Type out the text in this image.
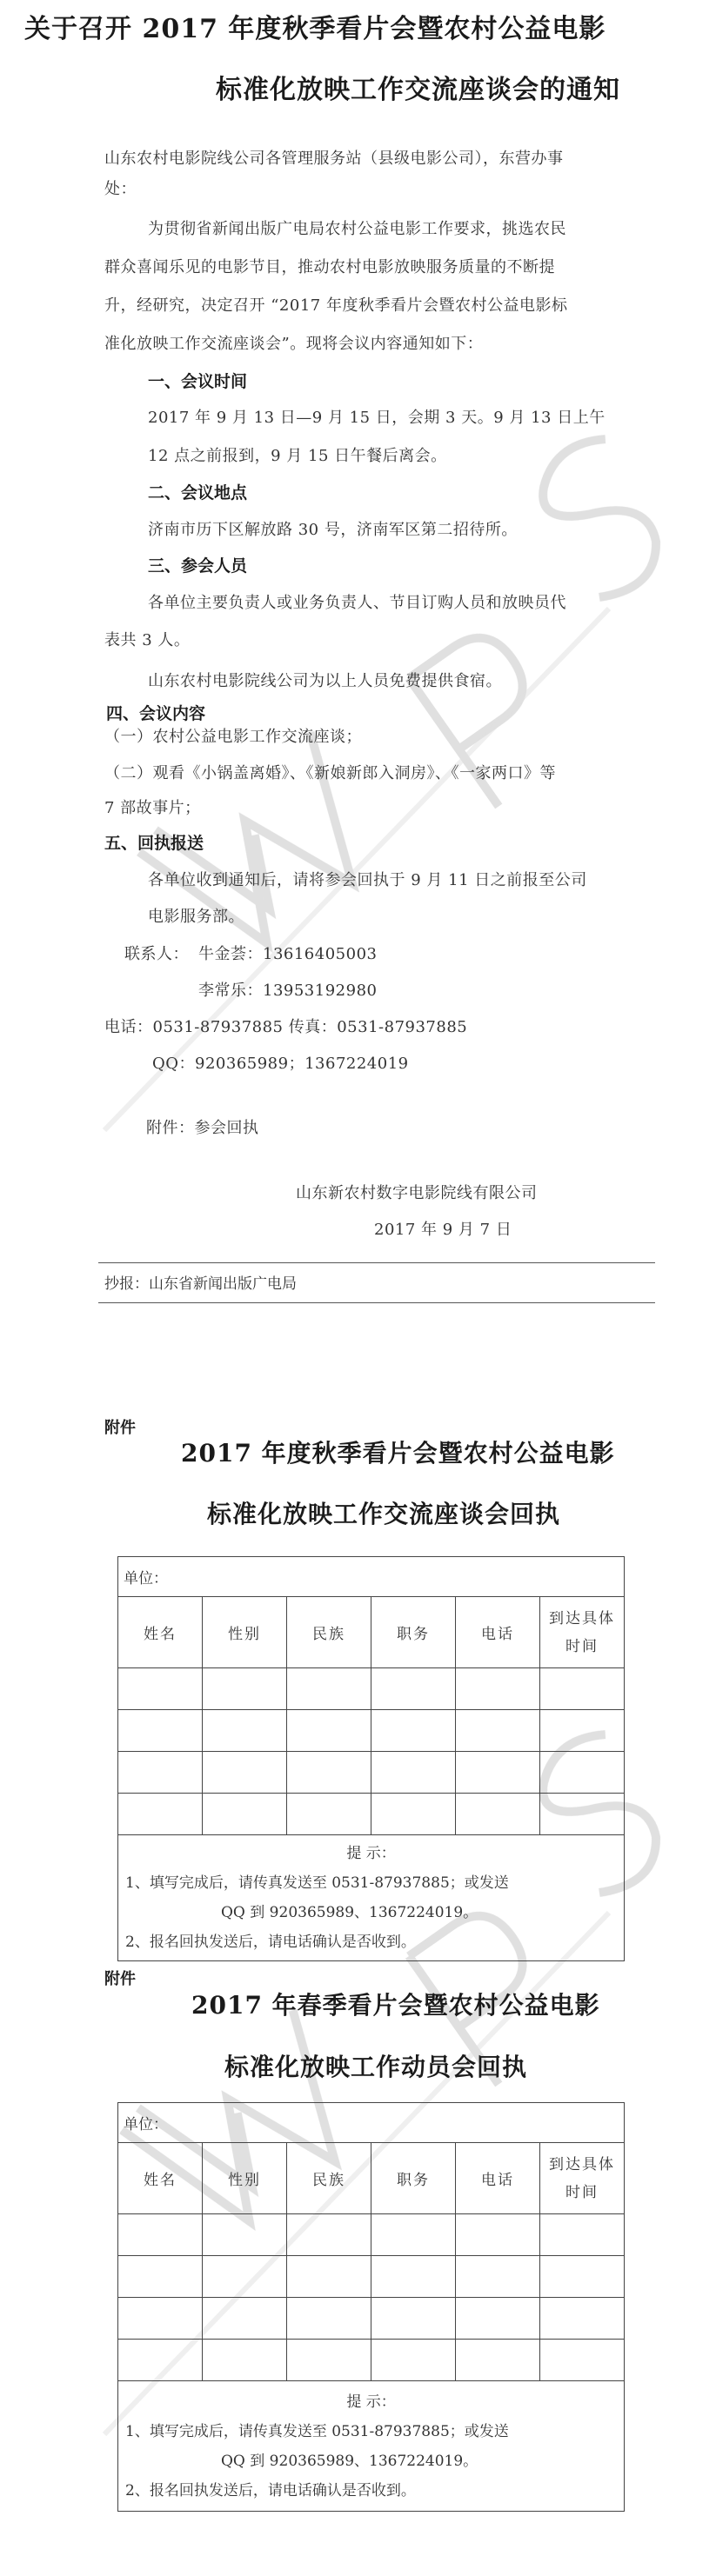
关于召开 2017 年度秋季看片会暨农村公益电影
标准化放映工作交流座谈会的通知
山东农村电影院线公司各管理服务站（县级电影公司），东营办事
处：
为贯彻省新闻出版广电局农村公益电影工作要求，挑选农民
群众喜闻乐见的电影节目，推动农村电影放映服务质量的不断提
升，经研究，决定召开 “2017 年度秋季看片会暨农村公益电影标
准化放映工作交流座谈会”。现将会议内容通知如下：
一、会议时间
2017 年 9 月 13 日—9 月 15 日，会期 3 天。9 月 13 日上午
12 点之前报到，9 月 15 日午餐后离会。
二、会议地点
济南市历下区解放路 30 号，济南军区第二招待所。
三、参会人员
各单位主要负责人或业务负责人、节目订购人员和放映员代
表共 3 人。
山东农村电影院线公司为以上人员免费提供食宿。
四、会议内容
（一）农村公益电影工作交流座谈；
（二）观看《小锅盖离婚》、《新娘新郎入洞房》、《一家两口》等
7 部故事片；
五、回执报送
各单位收到通知后，请将参会回执于 9 月 11 日之前报至公司
电影服务部。
联系人： 牛金荟：13616405003
李常乐：13953192980
电话：0531-87937885 传真：0531-87937885
QQ：920365989；1367224019
附件：参会回执
山东新农村数字电影院线有限公司
2017 年 9 月 7 日
抄报：山东省新闻出版广电局
附件
2017 年度秋季看片会暨农村公益电影
标准化放映工作交流座谈会回执
单位：					
姓名	性别	民族	职务	电话	到达具体
时间

提 示：
1、填写完成后，请传真发送至 0531-87937885；或发送
QQ 到 920365989、1367224019。
2、报名回执发送后，请电话确认是否收到。					
附件
2017 年春季看片会暨农村公益电影
标准化放映工作动员会回执
单位：					
姓名	性别	民族	职务	电话	到达具体
时间

提 示：
1、填写完成后，请传真发送至 0531-87937885；或发送
QQ 到 920365989、1367224019。
2、报名回执发送后，请电话确认是否收到。					
